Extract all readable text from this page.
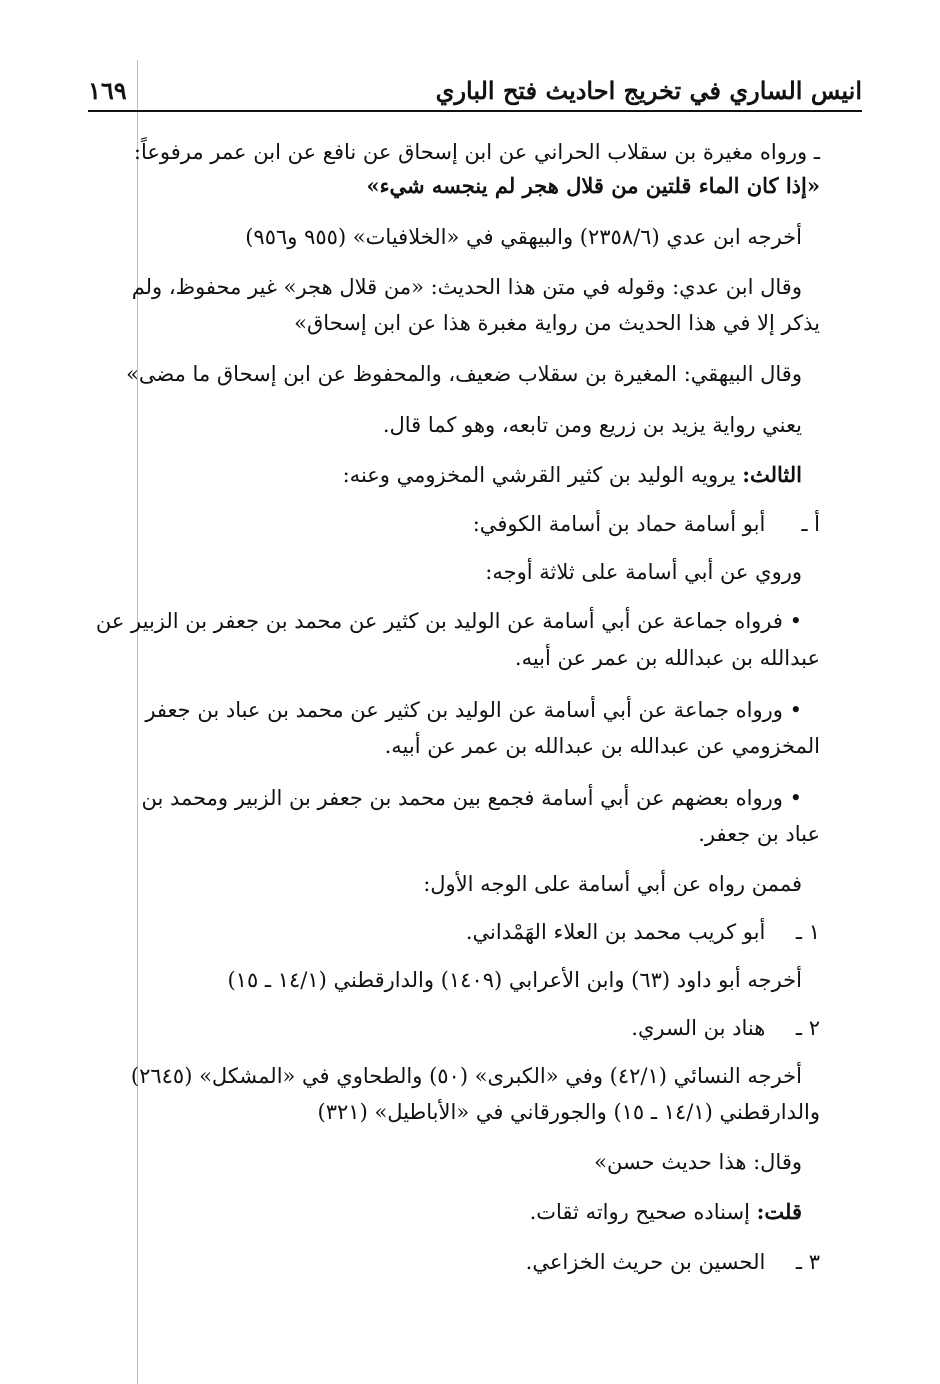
انيس الساري في تخريج احاديث فتح الباري
١٦٩
ـ ورواه مغيرة بن سقلاب الحراني عن ابن إسحاق عن نافع عن ابن عمر مرفوعاً:
«إذا كان الماء قلتين من قلال هجر لم ينجسه شيء»
أخرجه ابن عدي (٢٣٥٨/٦) والبيهقي في «الخلافيات» (٩٥٥ و٩٥٦)
وقال ابن عدي: وقوله في متن هذا الحديث: «من قلال هجر» غير محفوظ، ولم
يذكر إلا في هذا الحديث من رواية مغبرة هذا عن ابن إسحاق»
وقال البيهقي: المغيرة بن سقلاب ضعيف، والمحفوظ عن ابن إسحاق ما مضى»
يعني رواية يزيد بن زريع ومن تابعه، وهو كما قال.
الثالث: يرويه الوليد بن كثير القرشي المخزومي وعنه:
أ ـ أبو أسامة حماد بن أسامة الكوفي:
وروي عن أبي أسامة على ثلاثة أوجه:
• فرواه جماعة عن أبي أسامة عن الوليد بن كثير عن محمد بن جعفر بن الزبير عن
عبدالله بن عبدالله بن عمر عن أبيه.
• ورواه جماعة عن أبي أسامة عن الوليد بن كثير عن محمد بن عباد بن جعفر
المخزومي عن عبدالله بن عبدالله بن عمر عن أبيه.
• ورواه بعضهم عن أبي أسامة فجمع بين محمد بن جعفر بن الزبير ومحمد بن
عباد بن جعفر.
فممن رواه عن أبي أسامة على الوجه الأول:
١ ـ أبو كريب محمد بن العلاء الهَمْداني.
أخرجه أبو داود (٦٣) وابن الأعرابي (١٤٠٩) والدارقطني (١٤/١ ـ ١٥)
٢ ـ هناد بن السري.
أخرجه النسائي (٤٢/١) وفي «الكبرى» (٥٠) والطحاوي في «المشكل» (٢٦٤٥)
والدارقطني (١٤/١ ـ ١٥) والجورقاني في «الأباطيل» (٣٢١)
وقال: هذا حديث حسن»
قلت: إسناده صحيح رواته ثقات.
٣ ـ الحسين بن حريث الخزاعي.
